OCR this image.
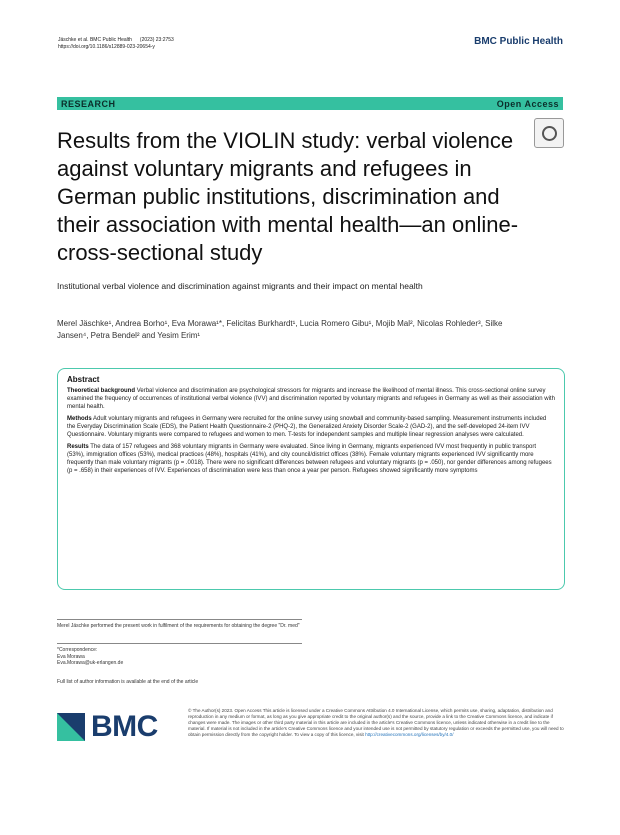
Jäschke et al. BMC Public Health (2023) 23:2753
https://doi.org/10.1186/s12889-023-20654-y	BMC Public Health
RESEARCH	Open Access
Results from the VIOLIN study: verbal violence against voluntary migrants and refugees in German public institutions, discrimination and their association with mental health—an online-cross-sectional study

Institutional verbal violence and discrimination against migrants and their impact on mental health

Merel Jäschke¹, Andrea Borho¹, Eva Morawa¹*, Felicitas Burkhardt¹, Lucia Romero Gibu¹, Mojib Mal², Nicolas Rohleder³, Silke Jansen⁴, Petra Bendel² and Yesim Erim¹

Abstract

Theoretical background Verbal violence and discrimination are psychological stressors for migrants and increase the likelihood of mental illness. This cross-sectional online survey examined the frequency of occurrences of institutional verbal violence (IVV) and discrimination reported by voluntary migrants and refugees in Germany as well as their association with mental health.

Methods Adult voluntary migrants and refugees in Germany were recruited for the online survey using snowball and community-based sampling. Measurement instruments included the Everyday Discrimination Scale (EDS), the Patient Health Questionnaire-2 (PHQ-2), the Generalized Anxiety Disorder Scale-2 (GAD-2), and the self-developed 24-item IVV Questionnaire. Voluntary migrants were compared to refugees and women to men. T-tests for independent samples and multiple linear regression analyses were calculated.

Results The data of 157 refugees and 368 voluntary migrants in Germany were evaluated. Since living in Germany, migrants experienced IVV most frequently in public transport (53%), immigration offices (53%), medical practices (48%), hospitals (41%), and city council/district offices (38%). Female voluntary migrants experienced IVV significantly more frequently than male voluntary migrants (p = .0018). There were no significant differences between refugees and voluntary migrants (p = .050), nor gender differences among refugees (p = .658) in their experiences of IVV. Experiences of discrimination were less than once a year per person. Refugees showed significantly more symptoms

Merel Jäschke performed the present work in fulfilment of the requirements for obtaining the degree "Dr. med"
*Correspondence:
Eva Morawa
Eva.Morawa@uk-erlangen.de
Full list of author information is available at the end of the article
BMC	© The Author(s) 2023. Open Access This article is licensed under a Creative Commons Attribution 4.0 International License, which permits use, sharing, adaptation, distribution and reproduction in any medium or format, as long as you give appropriate credit to the original author(s) and the source, provide a link to the Creative Commons licence, and indicate if changes were made. The images or other third party material in this article are included in the article's Creative Commons licence, unless indicated otherwise in a credit line to the material. If material is not included in the article's Creative Commons licence and your intended use is not permitted by statutory regulation or exceeds the permitted use, you will need to obtain permission directly from the copyright holder. To view a copy of this licence, visit http://creativecommons.org/licenses/by/4.0/
